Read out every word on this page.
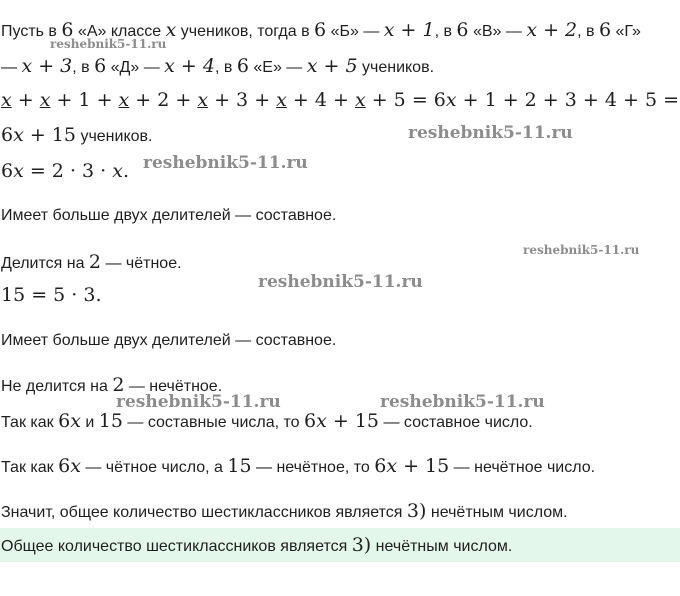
Пусть в 6 «А» классе x учеников, тогда в 6 «Б» — x + 1, в 6 «В» — x + 2, в 6 «Г»
— x + 3, в 6 «Д» — x + 4, в 6 «Е» — x + 5 учеников.
x + x + 1 + x + 2 + x + 3 + x + 4 + x + 5 = 6x + 1 + 2 + 3 + 4 + 5 =
6x + 15 учеников.
6x = 2 · 3 · x.
Имеет больше двух делителей — составное.
Делится на 2 — чётное.
15 = 5 · 3.
Имеет больше двух делителей — составное.
Не делится на 2 — нечётное.
Так как 6x и 15 — составные числа, то 6x + 15 — составное число.
Так как 6x — чётное число, а 15 — нечётное, то 6x + 15 — нечётное число.
Значит, общее количество шестиклассников является 3) нечётным числом.
Общее количество шестиклассников является 3) нечётным числом.
reshebnik5-11.ru
reshebnik5-11.ru
reshebnik5-11.ru
reshebnik5-11.ru
reshebnik5-11.ru
reshebnik5-11.ru	reshebnik5-11.ru
